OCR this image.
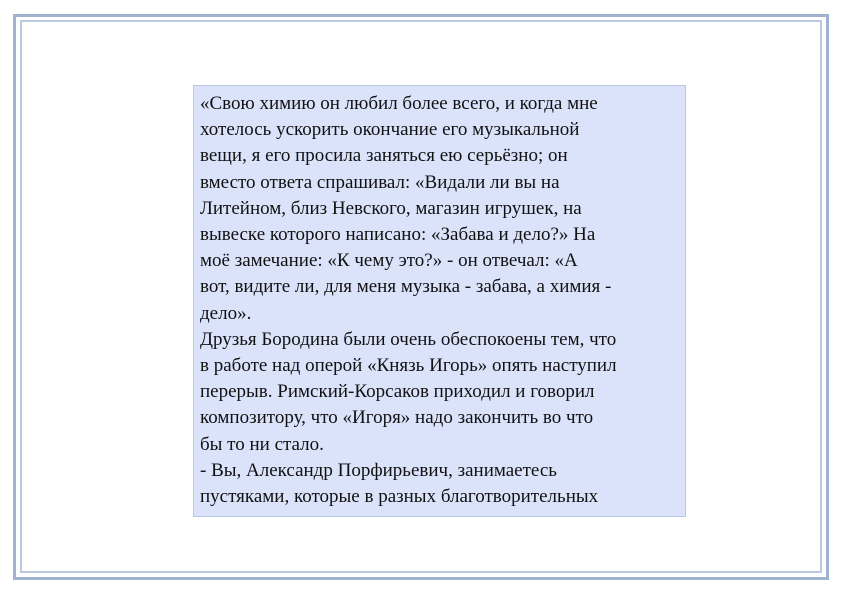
«Свою химию он любил более всего, и когда мне
хотелось ускорить окончание его музыкальной
вещи, я его просила заняться ею серьёзно; он
вместо ответа спрашивал: «Видали ли вы на
Литейном, близ Невского, магазин игрушек, на
вывеске которого написано: «Забава и дело?» На
моё замечание: «К чему это?» - он отвечал: «А
вот, видите ли, для меня музыка - забава, а химия -
дело».

Друзья Бородина были очень обеспокоены тем, что
в работе над оперой «Князь Игорь» опять наступил
перерыв. Римский-Корсаков приходил и говорил
композитору, что «Игоря» надо закончить во что
бы то ни стало.

- Вы, Александр Порфирьевич, занимаетесь
пустяками, которые в разных благотворительных
